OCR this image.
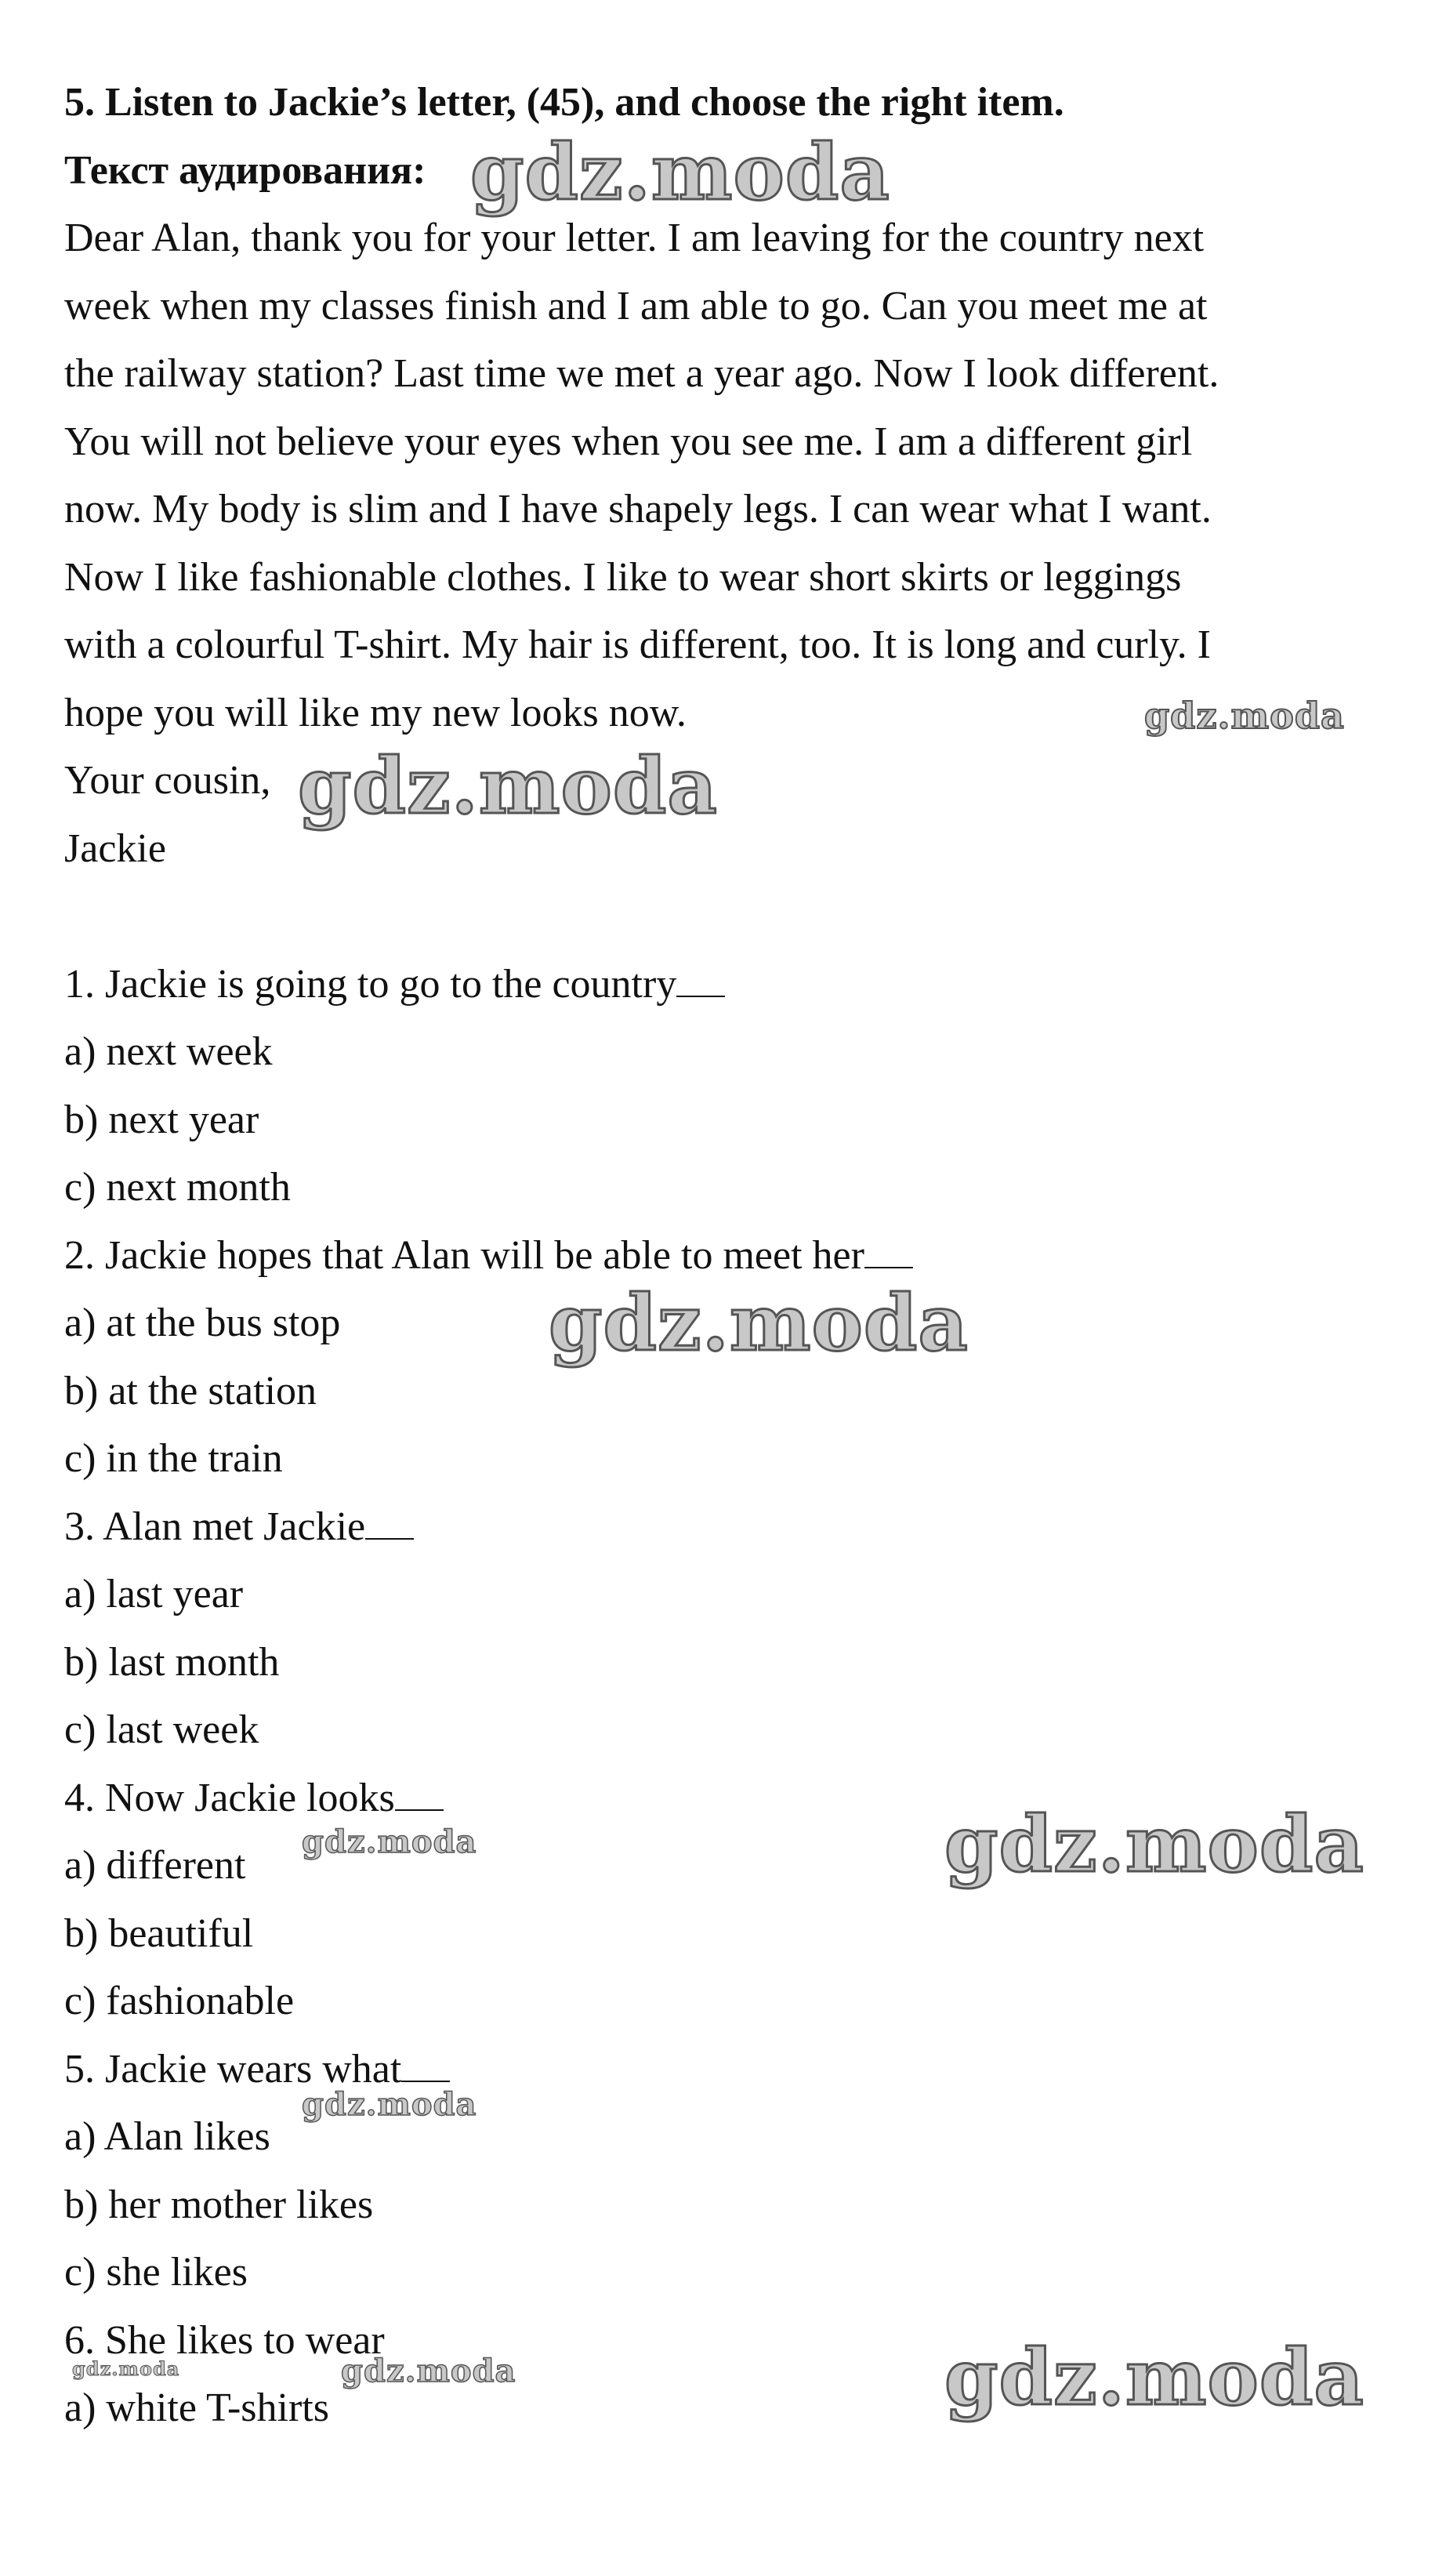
5. Listen to Jackie’s letter, (45), and choose the right item.
Текст аудирования:
Dear Alan, thank you for your letter. I am leaving for the country next
week when my classes finish and I am able to go. Can you meet me at
the railway station? Last time we met a year ago. Now I look different.
You will not believe your eyes when you see me. I am a different girl
now. My body is slim and I have shapely legs. I can wear what I want.
Now I like fashionable clothes. I like to wear short skirts or leggings
with a colourful T-shirt. My hair is different, too. It is long and curly. I
hope you will like my new looks now.
Your cousin,
Jackie
1. Jackie is going to go to the country
a) next week
b) next year
c) next month
2. Jackie hopes that Alan will be able to meet her
a) at the bus stop
b) at the station
c) in the train
3. Alan met Jackie
a) last year
b) last month
c) last week
4. Now Jackie looks
a) different
b) beautiful
c) fashionable
5. Jackie wears what
a) Alan likes
b) her mother likes
c) she likes
6. She likes to wear
a) white T-shirts
gdz.moda
gdz.moda
gdz.moda
gdz.moda
gdz.moda
gdz.moda
gdz.moda
gdz.moda
gdz.moda	gdz.moda
